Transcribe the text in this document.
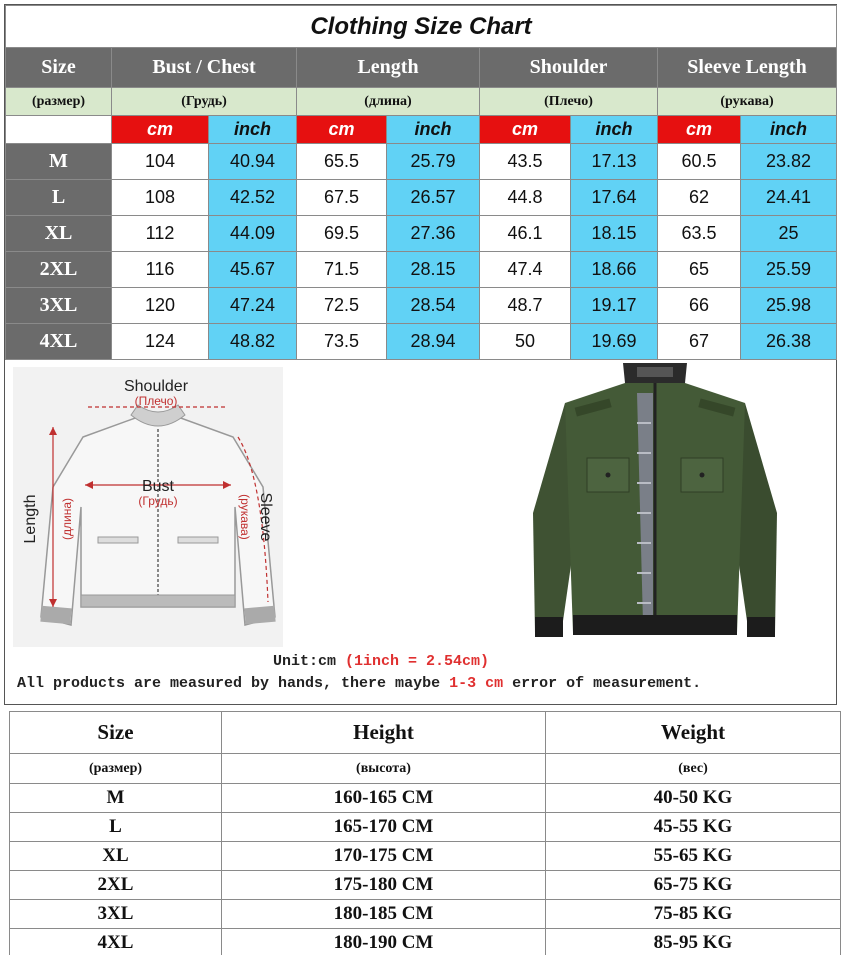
Clothing Size Chart								
Size	Bust / Chest		Length		Shoulder		Sleeve Length	
(размер)	(Грудь)		(длина)		(Плечо)		(рукава)	
	cm	inch	cm	inch	cm	inch	cm	inch
M	104	40.94	65.5	25.79	43.5	17.13	60.5	23.82
L	108	42.52	67.5	26.57	44.8	17.64	62	24.41
XL	112	44.09	69.5	27.36	46.1	18.15	63.5	25
2XL	116	45.67	71.5	28.15	47.4	18.66	65	25.59
3XL	120	47.24	72.5	28.54	48.7	19.17	66	25.98
4XL	124	48.82	73.5	28.94	50	19.69	67	26.38
Shoulder
(Плечо)
Bust
(Грудь)
Length (длина)	Sleeve
(рукава)
Unit:cm (1inch = 2.54cm)
All products are measured by hands, there maybe 1-3 cm error of measurement.
Size	Height	Weight
(размер)	(высота)	(вес)
M	160-165 CM	40-50 KG
L	165-170 CM	45-55 KG
XL	170-175 CM	55-65 KG
2XL	175-180 CM	65-75 KG
3XL	180-185 CM	75-85 KG
4XL	180-190 CM	85-95 KG
